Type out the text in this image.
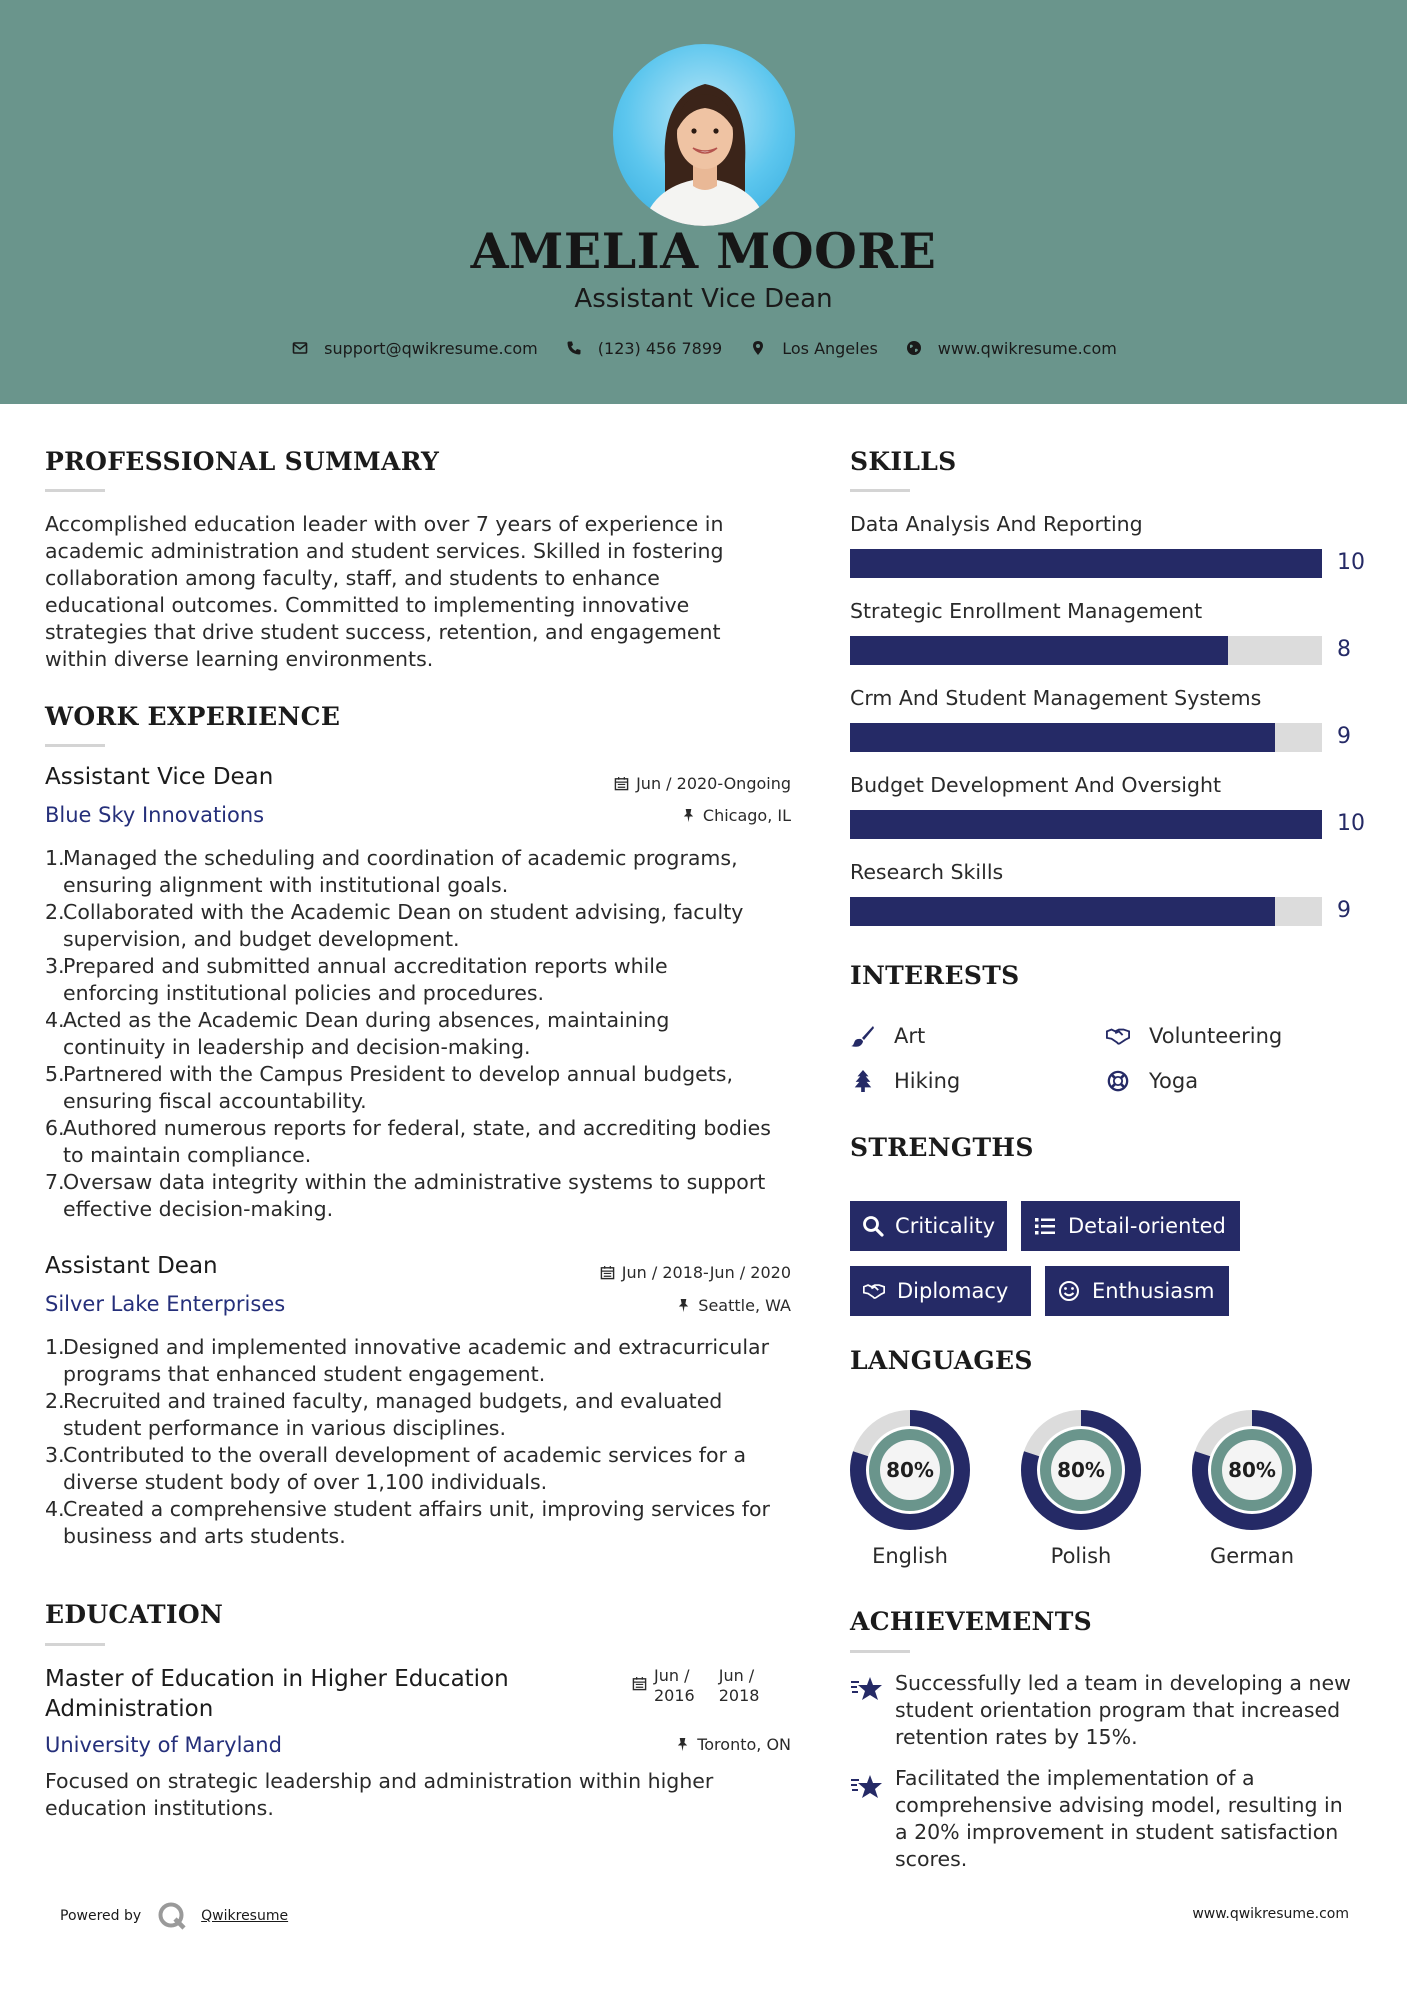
AMELIA MOORE
Assistant Vice Dean
support@qwikresume.com	(123) 456 7899	Los Angeles	www.qwikresume.com
PROFESSIONAL SUMMARY
Accomplished education leader with over 7 years of experience in
academic administration and student services. Skilled in fostering
collaboration among faculty, staff, and students to enhance
educational outcomes. Committed to implementing innovative
strategies that drive student success, retention, and engagement
within diverse learning environments.
WORK EXPERIENCE
Assistant Vice Dean	Jun / 2020-Ongoing
Blue Sky Innovations	Chicago, IL
1.
Managed the scheduling and coordination of academic programs,
ensuring alignment with institutional goals.
2.
Collaborated with the Academic Dean on student advising, faculty
supervision, and budget development.
3.
Prepared and submitted annual accreditation reports while
enforcing institutional policies and procedures.
4.
Acted as the Academic Dean during absences, maintaining
continuity in leadership and decision-making.
5.
Partnered with the Campus President to develop annual budgets,
ensuring fiscal accountability.
6.
Authored numerous reports for federal, state, and accrediting bodies
to maintain compliance.
7.
Oversaw data integrity within the administrative systems to support
effective decision-making.
Assistant Dean	Jun / 2018-Jun / 2020
Silver Lake Enterprises	Seattle, WA
1.
Designed and implemented innovative academic and extracurricular
programs that enhanced student engagement.
2.
Recruited and trained faculty, managed budgets, and evaluated
student performance in various disciplines.
3.
Contributed to the overall development of academic services for a
diverse student body of over 1,100 individuals.
4.
Created a comprehensive student affairs unit, improving services for
business and arts students.
EDUCATION
Master of Education in Higher Education
Administration
Jun /
2016
Jun /
2018
University of Maryland	Toronto, ON
Focused on strategic leadership and administration within higher
education institutions.
SKILLS
Data Analysis And Reporting
10
Strategic Enrollment Management
8
Crm And Student Management Systems
9
Budget Development And Oversight
10
Research Skills
9
INTERESTS
Art	Volunteering
Hiking	Yoga
STRENGTHS
Criticality	Detail-oriented
Diplomacy	Enthusiasm
LANGUAGES
80%
English
80%
Polish
80%
German
ACHIEVEMENTS
Successfully led a team in developing a new
student orientation program that increased
retention rates by 15%.
Facilitated the implementation of a
comprehensive advising model, resulting in
a 20% improvement in student satisfaction
scores.
Powered by	Qwikresume	www.qwikresume.com
